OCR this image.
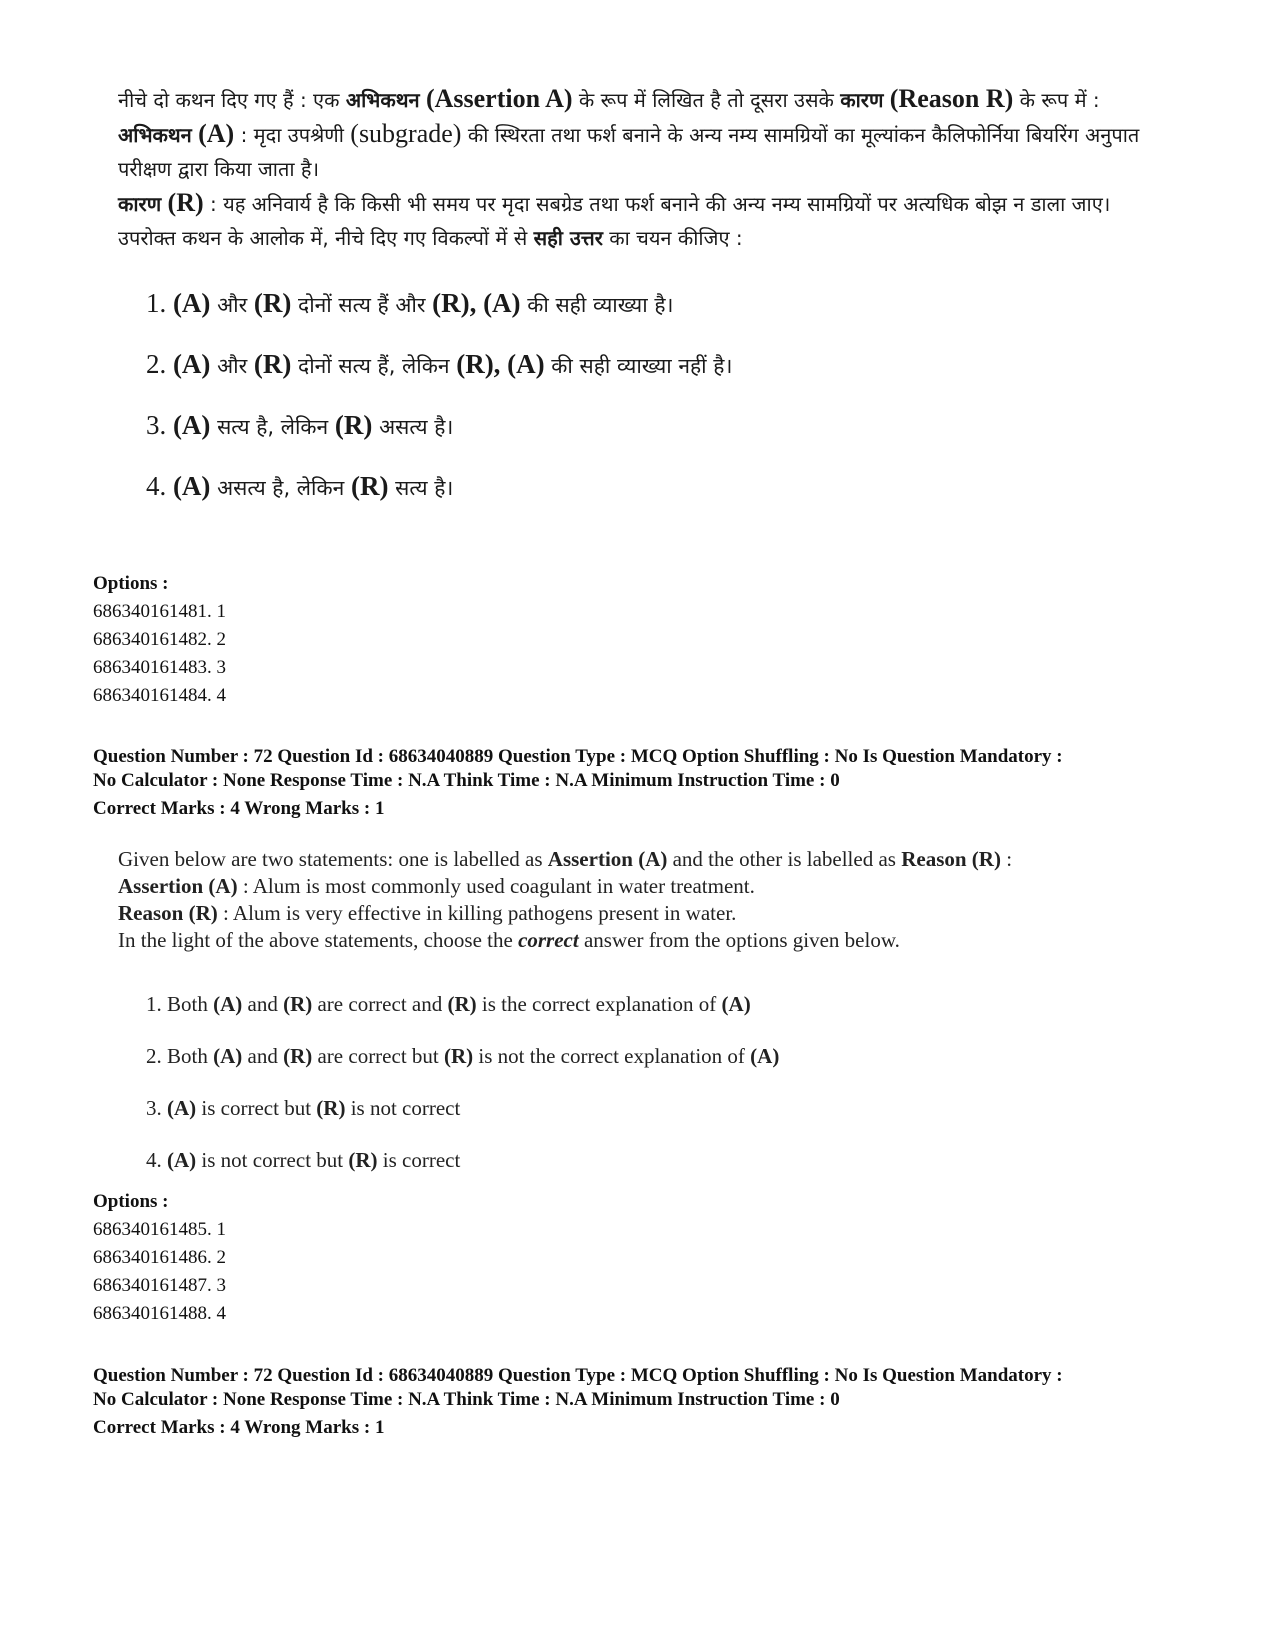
नीचे दो कथन दिए गए हैं : एक अभिकथन (Assertion A) के रूप में लिखित है तो दूसरा उसके कारण (Reason R) के रूप में :

अभिकथन (A) : मृदा उपश्रेणी (subgrade) की स्थिरता तथा फर्श बनाने के अन्य नम्य सामग्रियों का मूल्यांकन कैलिफोर्निया बियरिंग अनुपात परीक्षण द्वारा किया जाता है।

कारण (R) : यह अनिवार्य है कि किसी भी समय पर मृदा सबग्रेड तथा फर्श बनाने की अन्य नम्य सामग्रियों पर अत्यधिक बोझ न डाला जाए।

उपरोक्त कथन के आलोक में, नीचे दिए गए विकल्पों में से सही उत्तर का चयन कीजिए :

1. (A) और (R) दोनों सत्य हैं और (R), (A) की सही व्याख्या है।
2. (A) और (R) दोनों सत्य हैं, लेकिन (R), (A) की सही व्याख्या नहीं है।
3. (A) सत्य है, लेकिन (R) असत्य है।
4. (A) असत्य है, लेकिन (R) सत्य है।

Options :

686340161481. 1

686340161482. 2

686340161483. 3

686340161484. 4

Question Number : 72 Question Id : 68634040889 Question Type : MCQ Option Shuffling : No Is Question Mandatory :

No Calculator : None Response Time : N.A Think Time : N.A Minimum Instruction Time : 0

Correct Marks : 4 Wrong Marks : 1

Given below are two statements: one is labelled as Assertion (A) and the other is labelled as Reason (R) :

Assertion (A) : Alum is most commonly used coagulant in water treatment.

Reason (R) : Alum is very effective in killing pathogens present in water.

In the light of the above statements, choose the correct answer from the options given below.

1. Both (A) and (R) are correct and (R) is the correct explanation of (A)
2. Both (A) and (R) are correct but (R) is not the correct explanation of (A)
3. (A) is correct but (R) is not correct
4. (A) is not correct but (R) is correct

Options :

686340161485. 1

686340161486. 2

686340161487. 3

686340161488. 4

Question Number : 72 Question Id : 68634040889 Question Type : MCQ Option Shuffling : No Is Question Mandatory :

No Calculator : None Response Time : N.A Think Time : N.A Minimum Instruction Time : 0

Correct Marks : 4 Wrong Marks : 1
